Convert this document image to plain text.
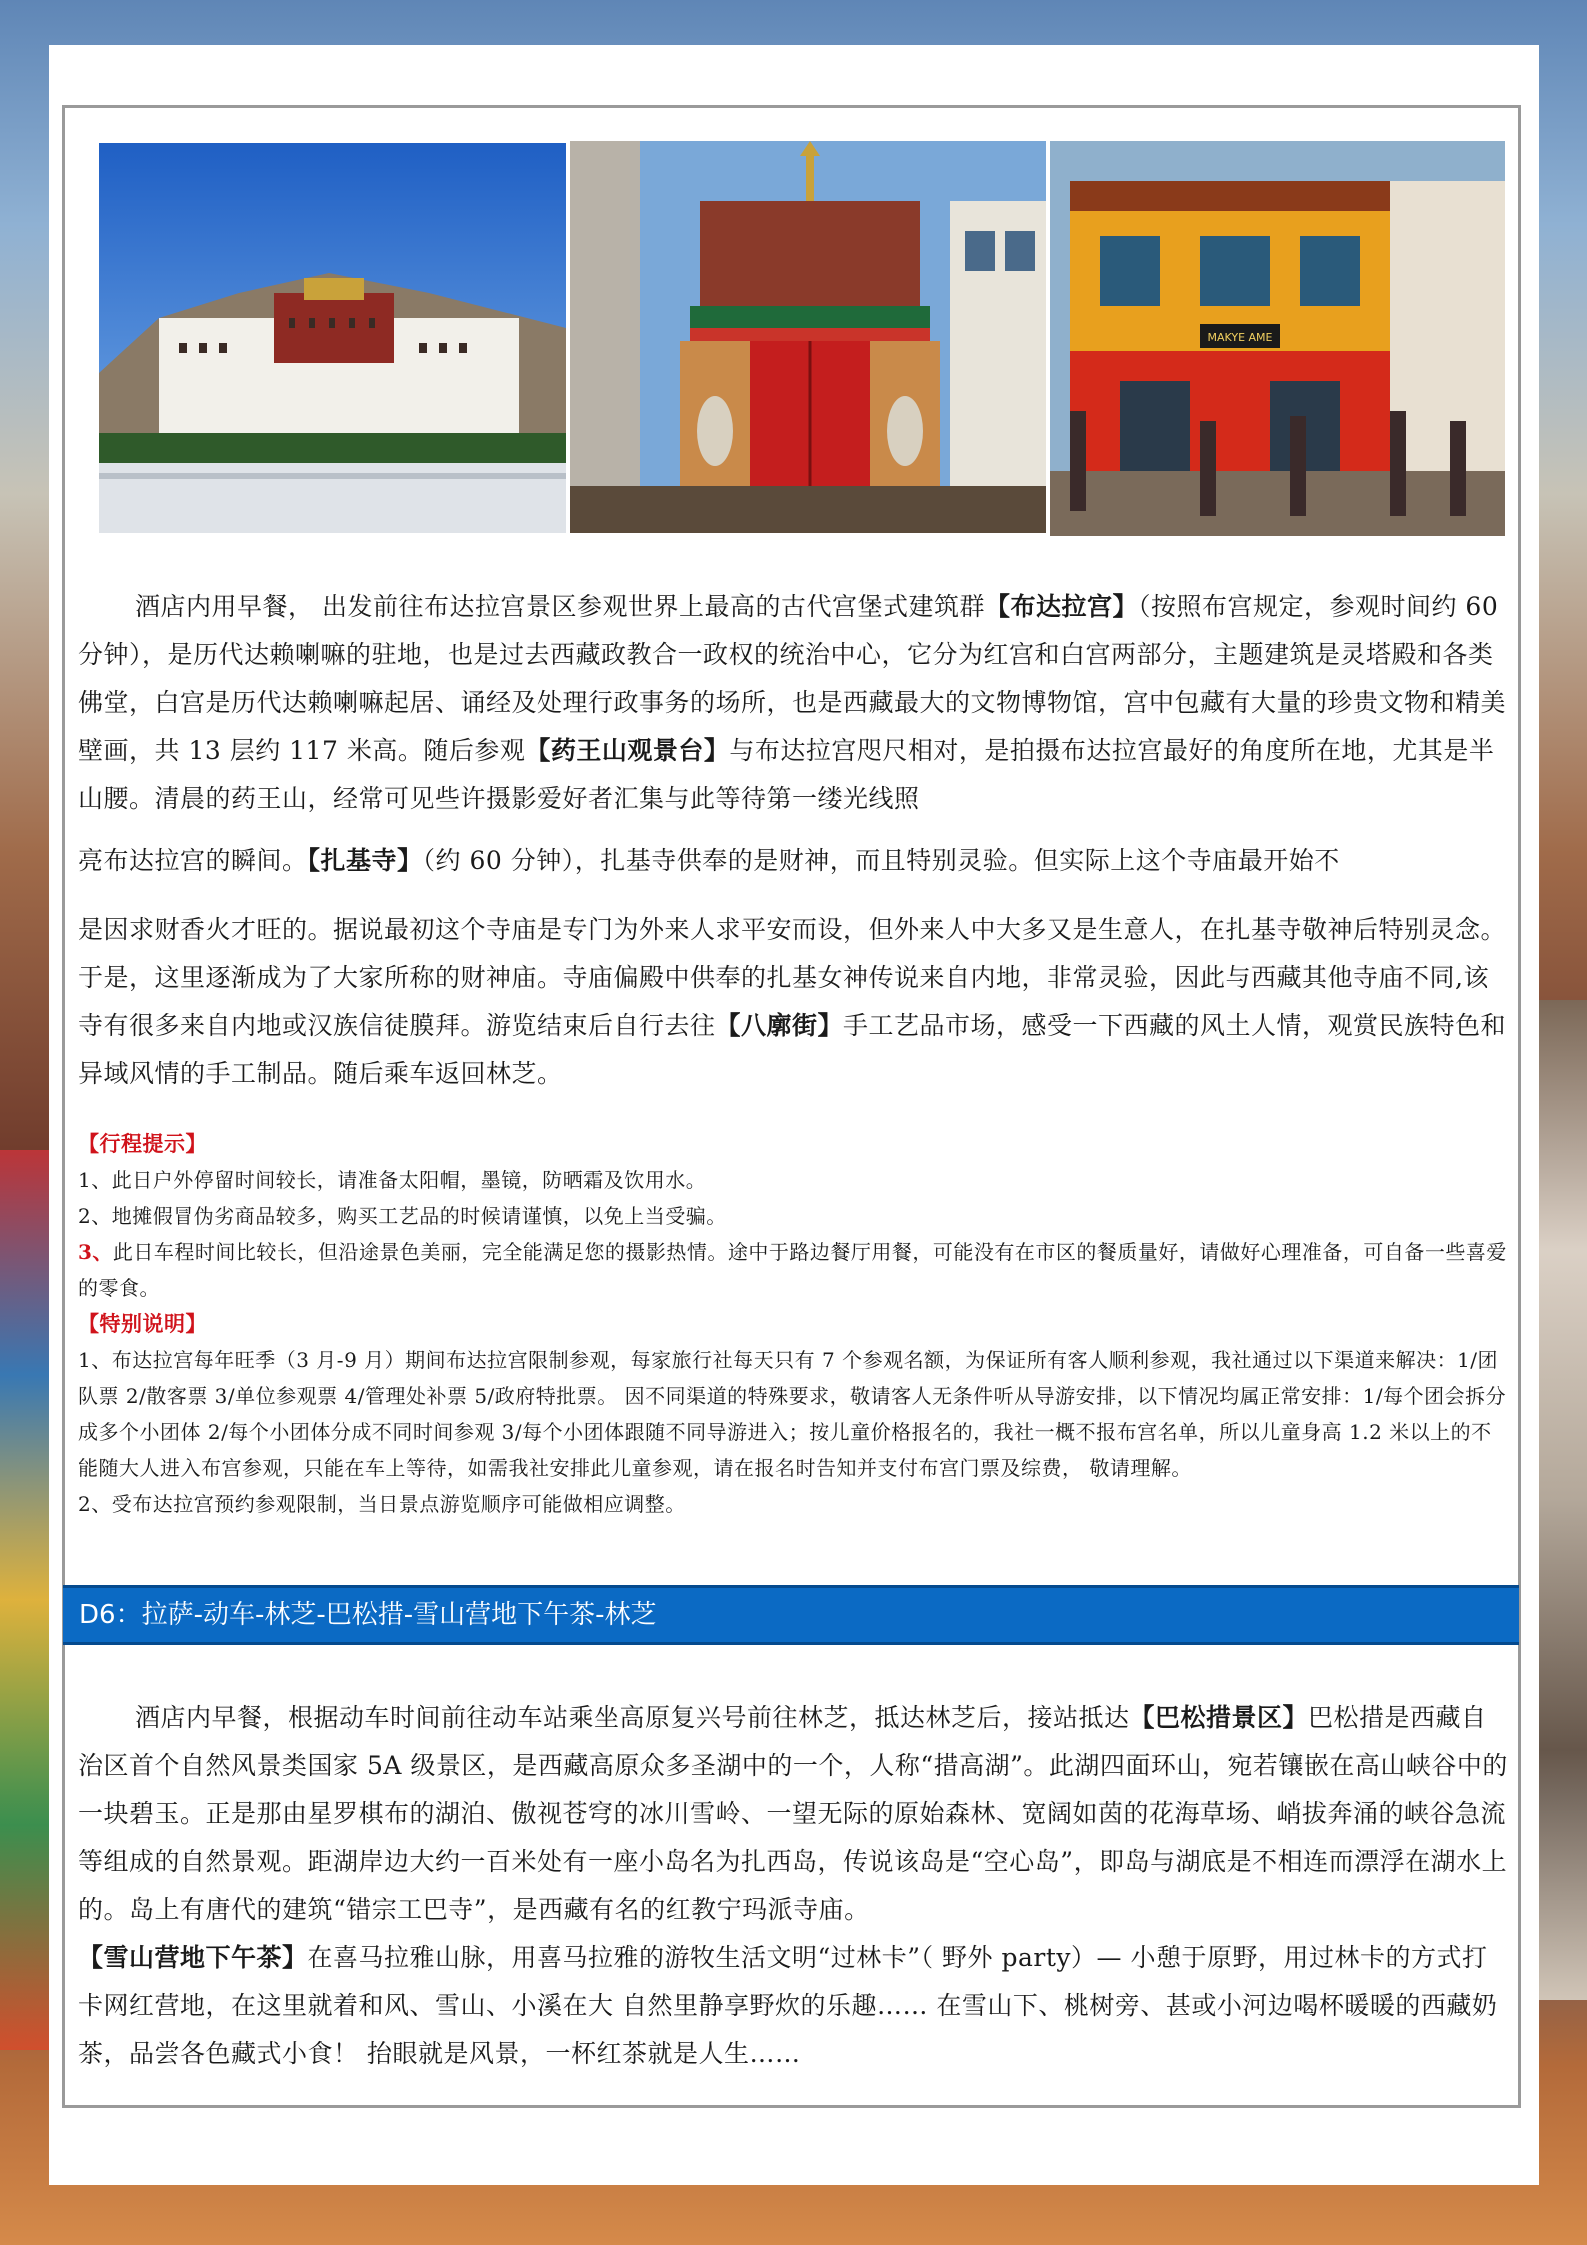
MAKYE AME

酒店内用早餐， 出发前往布达拉宫景区参观世界上最高的古代宫堡式建筑群【布达拉宫】（按照布宫规定，参观时间约 60 分钟），是历代达赖喇嘛的驻地，也是过去西藏政教合一政权的统治中心，它分为红宫和白宫两部分，主题建筑是灵塔殿和各类佛堂，白宫是历代达赖喇嘛起居、诵经及处理行政事务的场所，也是西藏最大的文物博物馆，宫中包藏有大量的珍贵文物和精美壁画，共 13 层约 117 米高。随后参观【药王山观景台】与布达拉宫咫尺相对，是拍摄布达拉宫最好的角度所在地，尤其是半山腰。清晨的药王山，经常可见些许摄影爱好者汇集与此等待第一缕光线照

亮布达拉宫的瞬间。【扎基寺】（约 60 分钟），扎基寺供奉的是财神，而且特别灵验。但实际上这个寺庙最开始不

是因求财香火才旺的。据说最初这个寺庙是专门为外来人求平安而设，但外来人中大多又是生意人，在扎基寺敬神后特别灵念。于是，这里逐渐成为了大家所称的财神庙。寺庙偏殿中供奉的扎基女神传说来自内地，非常灵验，因此与西藏其他寺庙不同,该寺有很多来自内地或汉族信徒膜拜。游览结束后自行去往【八廓街】手工艺品市场，感受一下西藏的风土人情，观赏民族特色和异域风情的手工制品。随后乘车返回林芝。

【行程提示】
1、此日户外停留时间较长，请准备太阳帽，墨镜，防晒霜及饮用水。
2、地摊假冒伪劣商品较多，购买工艺品的时候请谨慎，以免上当受骗。
3、此日车程时间比较长，但沿途景色美丽，完全能满足您的摄影热情。途中于路边餐厅用餐，可能没有在市区的餐质量好，请做好心理准备，可自备一些喜爱的零食。
【特别说明】
1、布达拉宫每年旺季（3 月-9 月）期间布达拉宫限制参观，每家旅行社每天只有 7 个参观名额，为保证所有客人顺利参观，我社通过以下渠道来解决：1/团队票 2/散客票 3/单位参观票 4/管理处补票 5/政府特批票。 因不同渠道的特殊要求，敬请客人无条件听从导游安排，以下情况均属正常安排：1/每个团会拆分成多个小团体 2/每个小团体分成不同时间参观 3/每个小团体跟随不同导游进入；按儿童价格报名的，我社一概不报布宫名单，所以儿童身高 1.2 米以上的不能随大人进入布宫参观，只能在车上等待，如需我社安排此儿童参观，请在报名时告知并支付布宫门票及综费， 敬请理解。
2、受布达拉宫预约参观限制，当日景点游览顺序可能做相应调整。
D6：拉萨-动车-林芝-巴松措-雪山营地下午茶-林芝

酒店内早餐，根据动车时间前往动车站乘坐高原复兴号前往林芝，抵达林芝后，接站抵达【巴松措景区】巴松措是西藏自治区首个自然风景类国家 5A 级景区，是西藏高原众多圣湖中的一个，人称“措高湖”。此湖四面环山，宛若镶嵌在高山峡谷中的一块碧玉。正是那由星罗棋布的湖泊、傲视苍穹的冰川雪岭、一望无际的原始森林、宽阔如茵的花海草场、峭拔奔涌的峡谷急流等组成的自然景观。距湖岸边大约一百米处有一座小岛名为扎西岛，传说该岛是“空心岛”，即岛与湖底是不相连而漂浮在湖水上的。岛上有唐代的建筑“错宗工巴寺”，是西藏有名的红教宁玛派寺庙。

【雪山营地下午茶】在喜马拉雅山脉，用喜马拉雅的游牧生活文明“过林卡”（ 野外 party）— 小憩于原野，用过林卡的方式打卡网红营地，在这里就着和风、雪山、小溪在大 自然里静享野炊的乐趣…… 在雪山下、桃树旁、甚或小河边喝杯暖暖的西藏奶茶，品尝各色藏式小食！ 抬眼就是风景，一杯红茶就是人生……
